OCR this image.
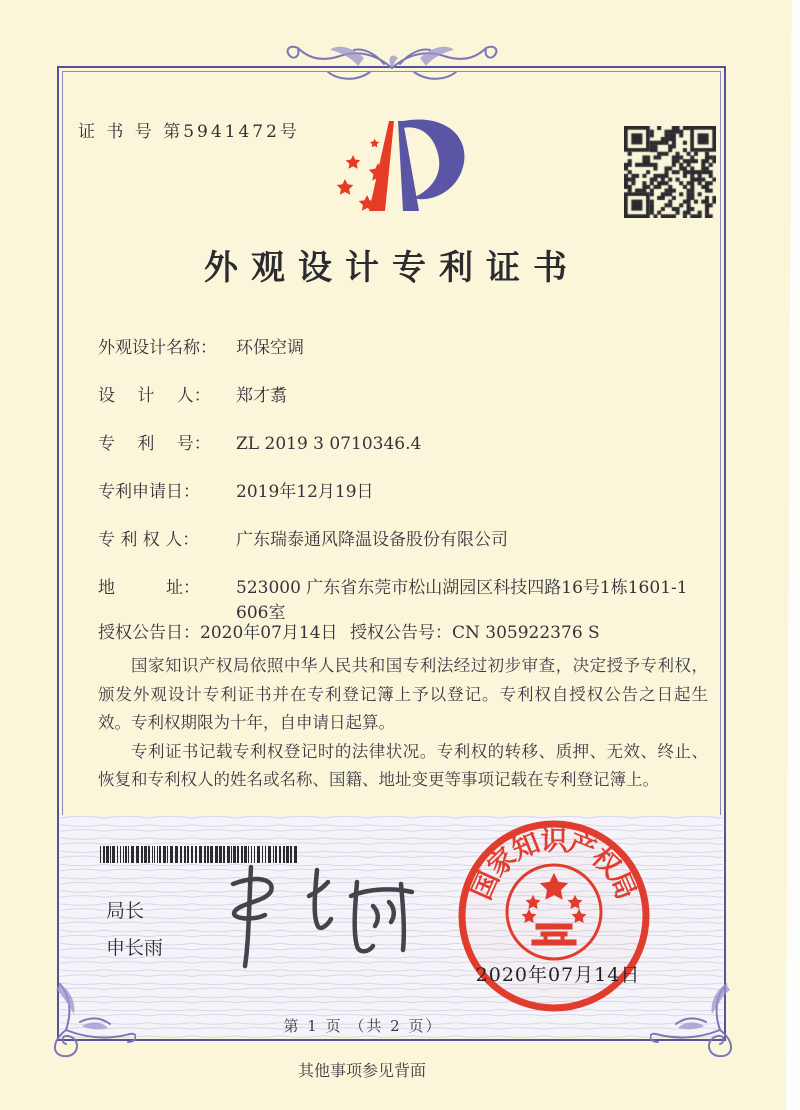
证 书 号 第5941472号
外观设计专利证书
外观设计名称：	环保空调
设　 计　 人：	郑才翥
专　 利　 号：	ZL 2019 3 0710346.4
专利申请日：	2019年12月19日
专 利 权 人：	广东瑞泰通风降温设备股份有限公司
地　　　址：	523000 广东省东莞市松山湖园区科技四路16号1栋1601-1 606室
授权公告日：2020年07月14日 授权公告号：CN 305922376 S

国家知识产权局依照中华人民共和国专利法经过初步审查，决定授予专利权，颁发外观设计专利证书并在专利登记簿上予以登记。专利权自授权公告之日起生效。专利权期限为十年，自申请日起算。

专利证书记载专利权登记时的法律状况。专利权的转移、质押、无效、终止、恢复和专利权人的姓名或名称、国籍、地址变更等事项记载在专利登记簿上。

局长
申长雨
国
家
知
识
产
权
局
2020年07月14日
第 1 页 （共 2 页）
其他事项参见背面
